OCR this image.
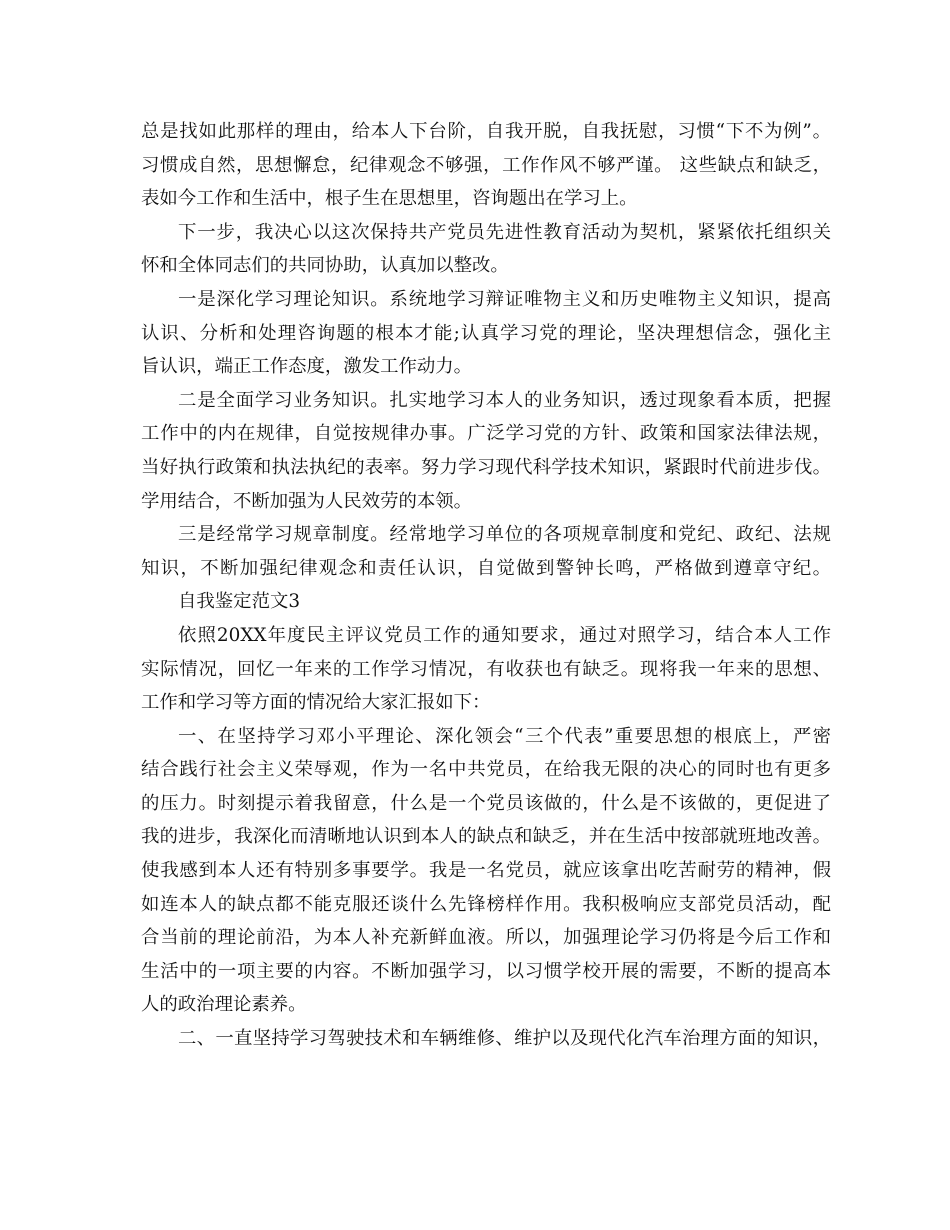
总是找如此那样的理由，给本人下台阶，自我开脱，自我抚慰，习惯“下不为例”。
习惯成自然，思想懈怠，纪律观念不够强，工作作风不够严谨。 这些缺点和缺乏，
表如今工作和生活中，根子生在思想里，咨询题出在学习上。
下一步，我决心以这次保持共产党员先进性教育活动为契机，紧紧依托组织关
怀和全体同志们的共同协助，认真加以整改。
一是深化学习理论知识。系统地学习辩证唯物主义和历史唯物主义知识，提高
认识、分析和处理咨询题的根本才能;认真学习党的理论，坚决理想信念，强化主
旨认识，端正工作态度，激发工作动力。
二是全面学习业务知识。扎实地学习本人的业务知识，透过现象看本质，把握
工作中的内在规律，自觉按规律办事。广泛学习党的方针、政策和国家法律法规，
当好执行政策和执法执纪的表率。努力学习现代科学技术知识，紧跟时代前进步伐。
学用结合，不断加强为人民效劳的本领。
三是经常学习规章制度。经常地学习单位的各项规章制度和党纪、政纪、法规
知识，不断加强纪律观念和责任认识，自觉做到警钟长鸣，严格做到遵章守纪。
自我鉴定范文3
依照20XX年度民主评议党员工作的通知要求，通过对照学习，结合本人工作
实际情况，回忆一年来的工作学习情况，有收获也有缺乏。现将我一年来的思想、
工作和学习等方面的情况给大家汇报如下：
一、在坚持学习邓小平理论、深化领会“三个代表”重要思想的根底上，严密
结合践行社会主义荣辱观，作为一名中共党员，在给我无限的决心的同时也有更多
的压力。时刻提示着我留意，什么是一个党员该做的，什么是不该做的，更促进了
我的进步，我深化而清晰地认识到本人的缺点和缺乏，并在生活中按部就班地改善。
使我感到本人还有特别多事要学。我是一名党员，就应该拿出吃苦耐劳的精神，假
如连本人的缺点都不能克服还谈什么先锋榜样作用。我积极响应支部党员活动，配
合当前的理论前沿，为本人补充新鲜血液。所以，加强理论学习仍将是今后工作和
生活中的一项主要的内容。不断加强学习，以习惯学校开展的需要，不断的提高本
人的政治理论素养。
二、一直坚持学习驾驶技术和车辆维修、维护以及现代化汽车治理方面的知识，
